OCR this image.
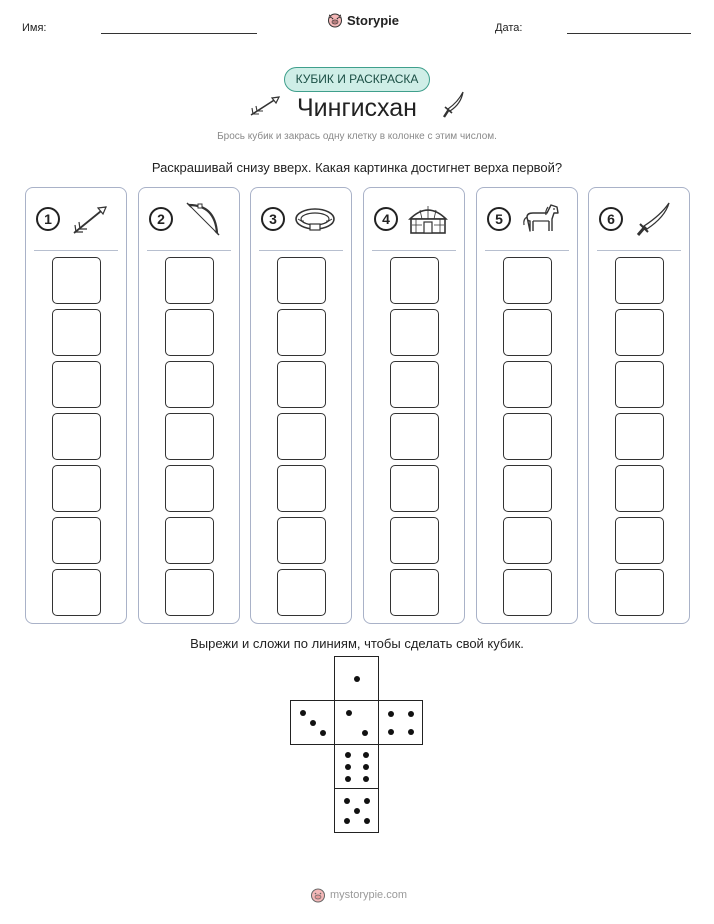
Имя:
Storypie
Дата:
КУБИК И РАСКРАСКА
Чингисхан
Брось кубик и закрась одну клетку в колонке с этим числом.
Раскрашивай снизу вверх. Какая картинка достигнет верха первой?
1	2	3	4	5	6
Вырежи и сложи по линиям, чтобы сделать свой кубик.
mystorypie.com
